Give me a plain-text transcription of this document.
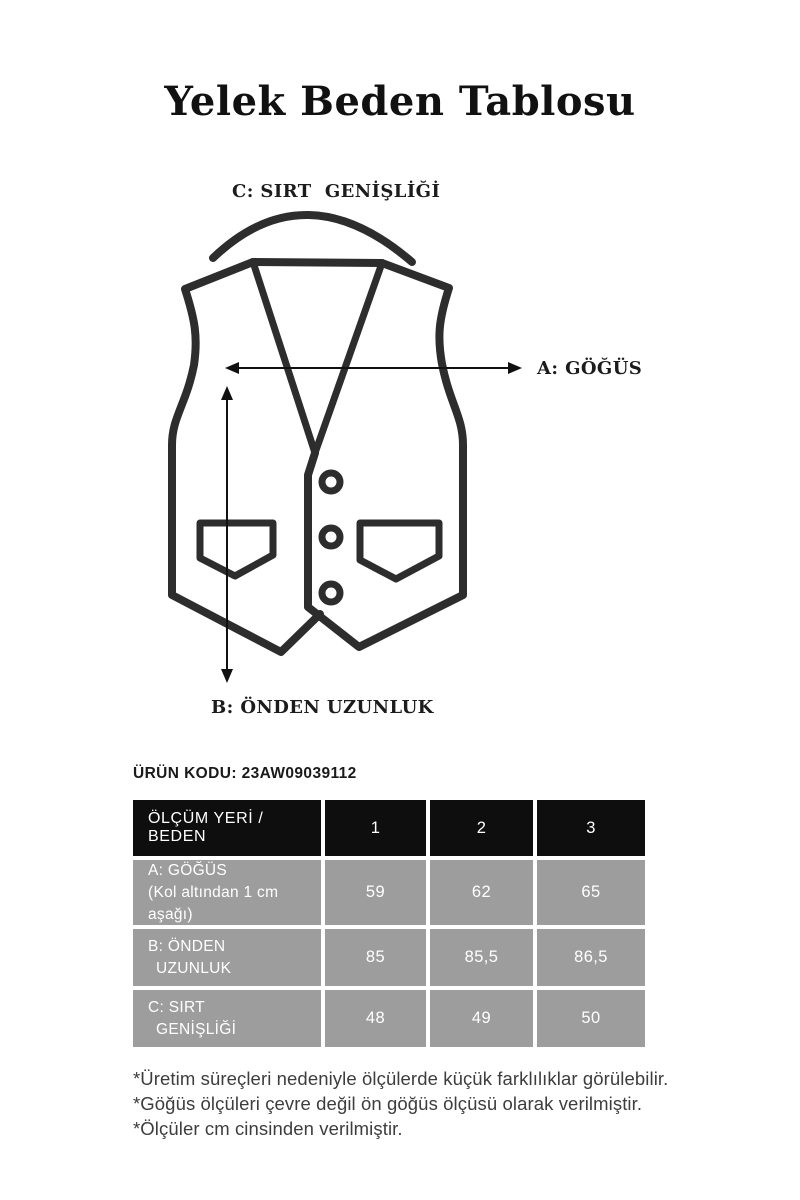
Yelek Beden Tablosu
C: SIRT  GENİŞLİĞİ
A: GÖĞÜS
B: ÖNDEN UZUNLUK
ÜRÜN KODU: 23AW09039112
ÖLÇÜM YERİ / BEDEN	1	2	3
A: GÖĞÜS
(Kol altından 1 cm aşağı)
59	62	65
B: ÖNDEN
UZUNLUK
85	85,5	86,5
C: SIRT
GENİŞLİĞİ
48	49	50
*Üretim süreçleri nedeniyle ölçülerde küçük farklılıklar görülebilir.
*Göğüs ölçüleri çevre değil ön göğüs ölçüsü olarak verilmiştir.
*Ölçüler cm cinsinden verilmiştir.
